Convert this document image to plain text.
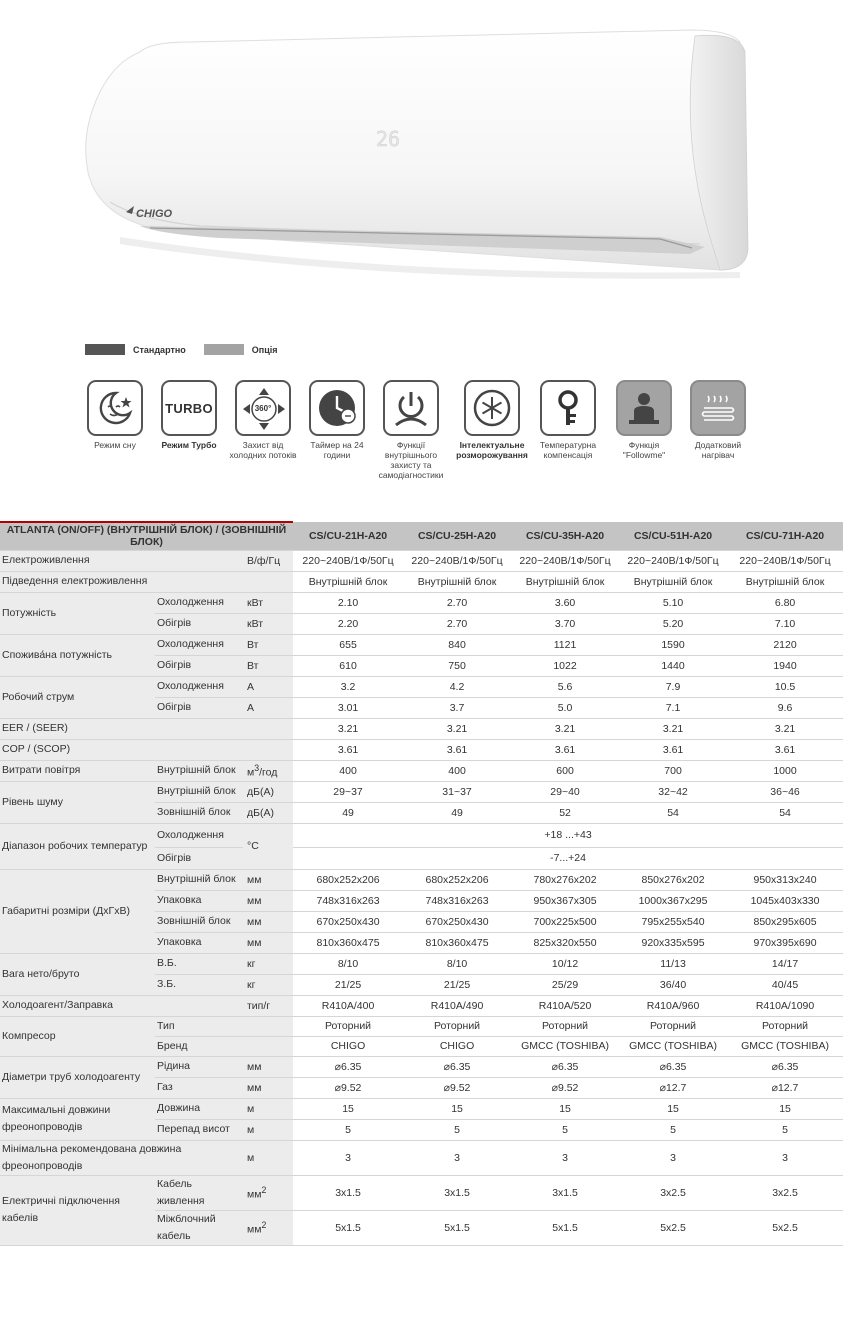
26
CHIGO
Стандартно	Опція
Режим сну
TURBO
Режим Турбо
360°
Захист від холодних потоків
Таймер на 24 години
Функції внутрішнього захисту та самодіагностики
Інтелектуальне розморожування
Температурна компенсація
Функція "Followme"
Додатковий нагрівач
ATLANTA (ON/OFF) (ВНУТРІШНІЙ БЛОК) / (ЗОВНІШНІЙ БЛОК)			CS/CU-21H-A20	CS/CU-25H-A20	CS/CU-35H-A20	CS/CU-51H-A20	CS/CU-71H-A20
Електроживлення		В/ф/Гц	220~240В/1Ф/50Гц	220~240В/1Ф/50Гц	220~240В/1Ф/50Гц	220~240В/1Ф/50Гц	220~240В/1Ф/50Гц
Підведення електроживлення			Внутрішній блок	Внутрішній блок	Внутрішній блок	Внутрішній блок	Внутрішній блок
Потужність	Охолодження	кВт	2.10	2.70	3.60	5.10	6.80
	Обігрів	кВт	2.20	2.70	3.70	5.20	7.10
Спожива́на потужність	Охолодження	Вт	655	840	1121	1590	2120
	Обігрів	Вт	610	750	1022	1440	1940
Робочий струм	Охолодження	А	3.2	4.2	5.6	7.9	10.5
	Обігрів	А	3.01	3.7	5.0	7.1	9.6
EER / (SEER)			3.21	3.21	3.21	3.21	3.21
COP / (SCOP)			3.61	3.61	3.61	3.61	3.61
Витрати повітря	Внутрішній блок	$м^3$/год	400	400	600	700	1000
Рівень шуму	Внутрішній блок	дБ(А)	29~37	31~37	29~40	32~42	36~46
	Зовнішній блок	дБ(А)	49	49	52	54	54
Діапазон робочих температур	Охолодження	°C	+18 ...+43				
	Обігрів		-7...+24				
Габаритні розміри (ДхГхВ)	Внутрішній блок	мм	680x252x206	680x252x206	780x276x202	850x276x202	950x313x240
	Упаковка	мм	748x316x263	748x316x263	950x367x305	1000x367x295	1045x403x330
	Зовнішній блок	мм	670x250x430	670x250x430	700x225x500	795x255x540	850x295x605
	Упаковка	мм	810x360x475	810x360x475	825x320x550	920x335x595	970x395x690
Вага нето/бруто	В.Б.	кг	8/10	8/10	10/12	11/13	14/17
	З.Б.	кг	21/25	21/25	25/29	36/40	40/45
Холодоагент/Заправка		тип/г	R410A/400	R410A/490	R410A/520	R410A/960	R410A/1090
Компресор	Тип		Роторний	Роторний	Роторний	Роторний	Роторний
	Бренд		CHIGO	CHIGO	GMCC (TOSHIBA)	GMCC (TOSHIBA)	GMCC (TOSHIBA)
Діаметри труб холодоагенту	Рідина	мм	⌀6.35	⌀6.35	⌀6.35	⌀6.35	⌀6.35
	Газ	мм	⌀9.52	⌀9.52	⌀9.52	⌀12.7	⌀12.7
Максимальні довжини фреонопроводів	Довжина	м	15	15	15	15	15
	Перепад висот	м	5	5	5	5	5
Мінімальна рекомендована довжина фреонопроводів		м	3	3	3	3	3
Електричні підключення кабелів	Кабель живлення	$мм^2$	3x1.5	3x1.5	3x1.5	3x2.5	3x2.5
	Міжблочний кабель	$мм^2$	5x1.5	5x1.5	5x1.5	5x2.5	5x2.5
